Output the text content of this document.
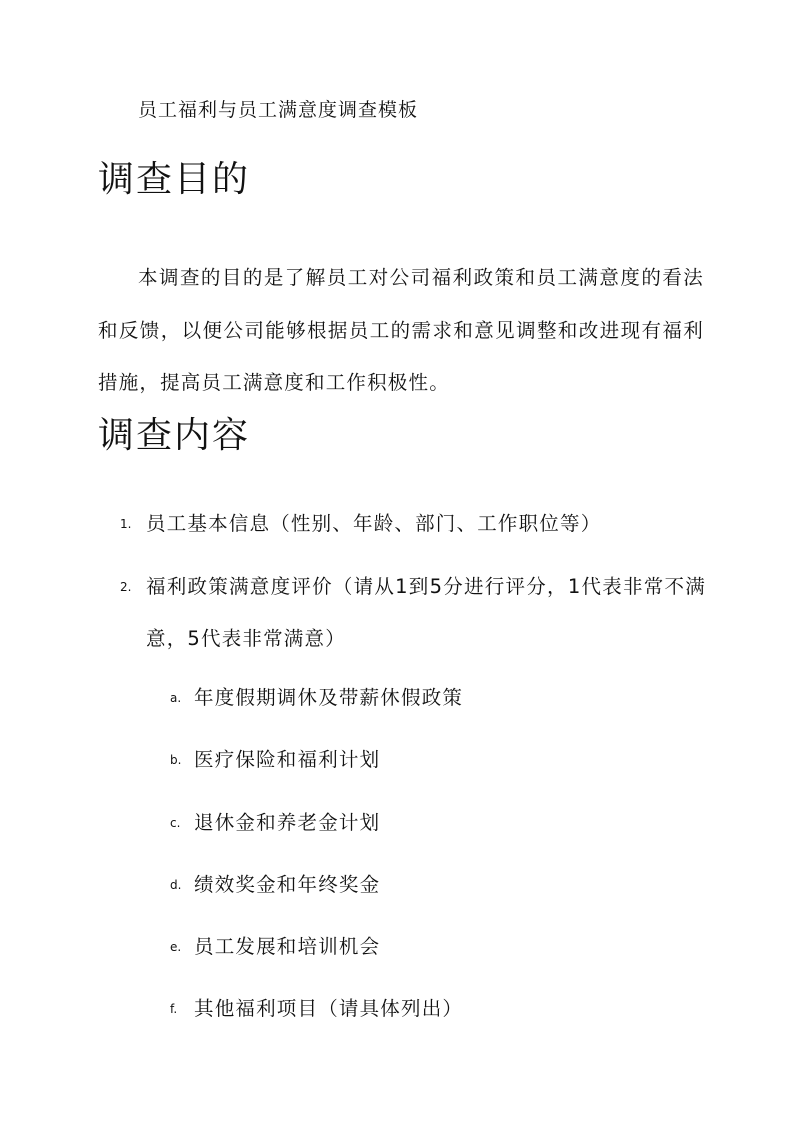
员工福利与员工满意度调查模板
调查目的
本调查的目的是了解员工对公司福利政策和员工满意度的看法和反馈，以便公司能够根据员工的需求和意见调整和改进现有福利措施，提高员工满意度和工作积极性。
调查内容
1. 员工基本信息（性别、年龄、部门、工作职位等）
2. 福利政策满意度评价（请从1到5分进行评分，1代表非常不满意，5代表非常满意）
a. 年度假期调休及带薪休假政策
b. 医疗保险和福利计划
c. 退休金和养老金计划
d. 绩效奖金和年终奖金
e. 员工发展和培训机会
f. 其他福利项目（请具体列出）
